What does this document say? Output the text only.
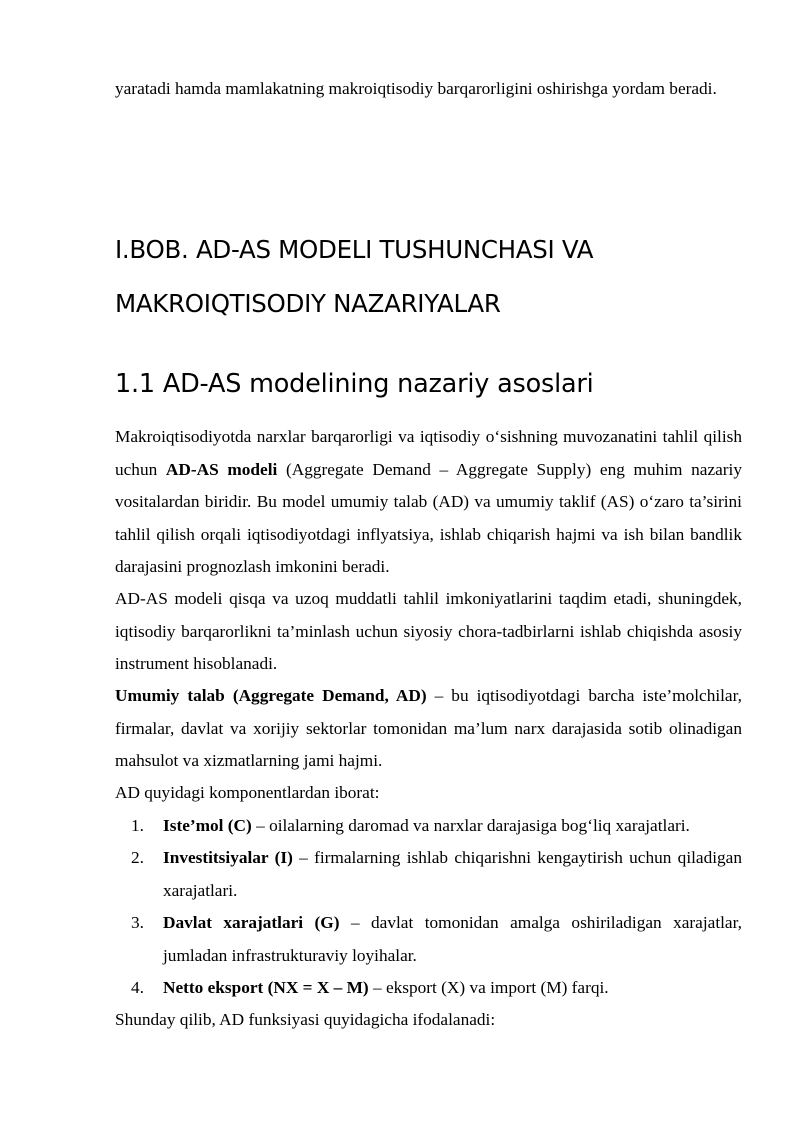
yaratadi hamda mamlakatning makroiqtisodiy barqarorligini oshirishga yordam beradi.

I.BOB. AD-AS MODELI TUSHUNCHASI VA MAKROIQTISODIY NAZARIYALAR
1.1 AD-AS modelining nazariy asoslari

Makroiqtisodiyotda narxlar barqarorligi va iqtisodiy o‘sishning muvozanatini tahlil qilish uchun AD-AS modeli (Aggregate Demand – Aggregate Supply) eng muhim nazariy vositalardan biridir. Bu model umumiy talab (AD) va umumiy taklif (AS) o‘zaro ta’sirini tahlil qilish orqali iqtisodiyotdagi inflyatsiya, ishlab chiqarish hajmi va ish bilan bandlik darajasini prognozlash imkonini beradi.

AD-AS modeli qisqa va uzoq muddatli tahlil imkoniyatlarini taqdim etadi, shuningdek, iqtisodiy barqarorlikni ta’minlash uchun siyosiy chora-tadbirlarni ishlab chiqishda asosiy instrument hisoblanadi.

Umumiy talab (Aggregate Demand, AD) – bu iqtisodiyotdagi barcha iste’molchilar, firmalar, davlat va xorijiy sektorlar tomonidan ma’lum narx darajasida sotib olinadigan mahsulot va xizmatlarning jami hajmi.

AD quyidagi komponentlardan iborat:

1. Iste’mol (C) – oilalarning daromad va narxlar darajasiga bog‘liq xarajatlari.
2. Investitsiyalar (I) – firmalarning ishlab chiqarishni kengaytirish uchun qiladigan xarajatlari.
3. Davlat xarajatlari (G) – davlat tomonidan amalga oshiriladigan xarajatlar, jumladan infrastrukturaviy loyihalar.
4. Netto eksport (NX = X – M) – eksport (X) va import (M) farqi.

Shunday qilib, AD funksiyasi quyidagicha ifodalanadi:
